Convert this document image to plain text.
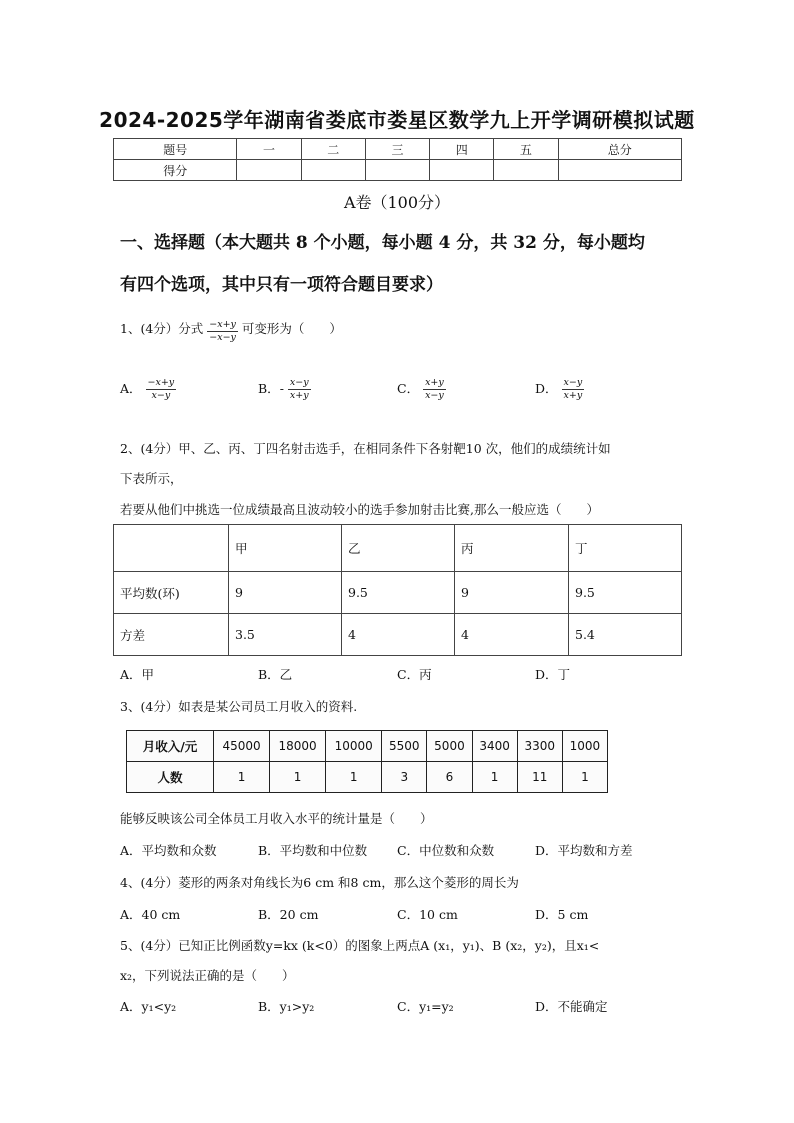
2024-2025学年湖南省娄底市娄星区数学九上开学调研模拟试题
题号	一	二	三	四	五	总分
得分						
A卷（100分）
一、选择题（本大题共 8 个小题，每小题 4 分，共 32 分，每小题均
有四个选项，其中只有一项符合题目要求）
1、(4分）分式 $\frac{-x+y}{-x-y}$ 可变形为（　　）
A． $\frac{-x+y}{x-y}$	B．- $\frac{x-y}{x+y}$	C． $\frac{x+y}{x-y}$	D． $\frac{x-y}{x+y}$
2、(4分）甲、乙、丙、丁四名射击选手，在相同条件下各射靶10 次，他们的成绩统计如
下表所示，
若要从他们中挑选一位成绩最高且波动较小的选手参加射击比赛,那么一般应选（　　）
	甲	乙	丙	丁
平均数(环)	9	9.5	9	9.5
方差	3.5	4	4	5.4
A．甲	B．乙	C．丙	D．丁
3、(4分）如表是某公司员工月收入的资料.
月收入/元	45000	18000	10000	5500	5000	3400	3300	1000
人数	1	1	1	3	6	1	11	1
能够反映该公司全体员工月收入水平的统计量是（　　）
A．平均数和众数	B．平均数和中位数 C．中位数和众数	D．平均数和方差
4、(4分）菱形的两条对角线长为6 cm 和8 cm，那么这个菱形的周长为
A．40 cm	B．20 cm	C．10 cm	D．5 cm
5、(4分）已知正比例函数y=kx (k<0）的图象上两点A (x₁，y₁)、B (x₂，y₂)，且x₁<
x₂，下列说法正确的是（　　）
A．y₁<y₂	B．y₁>y₂	C．y₁=y₂	D．不能确定
